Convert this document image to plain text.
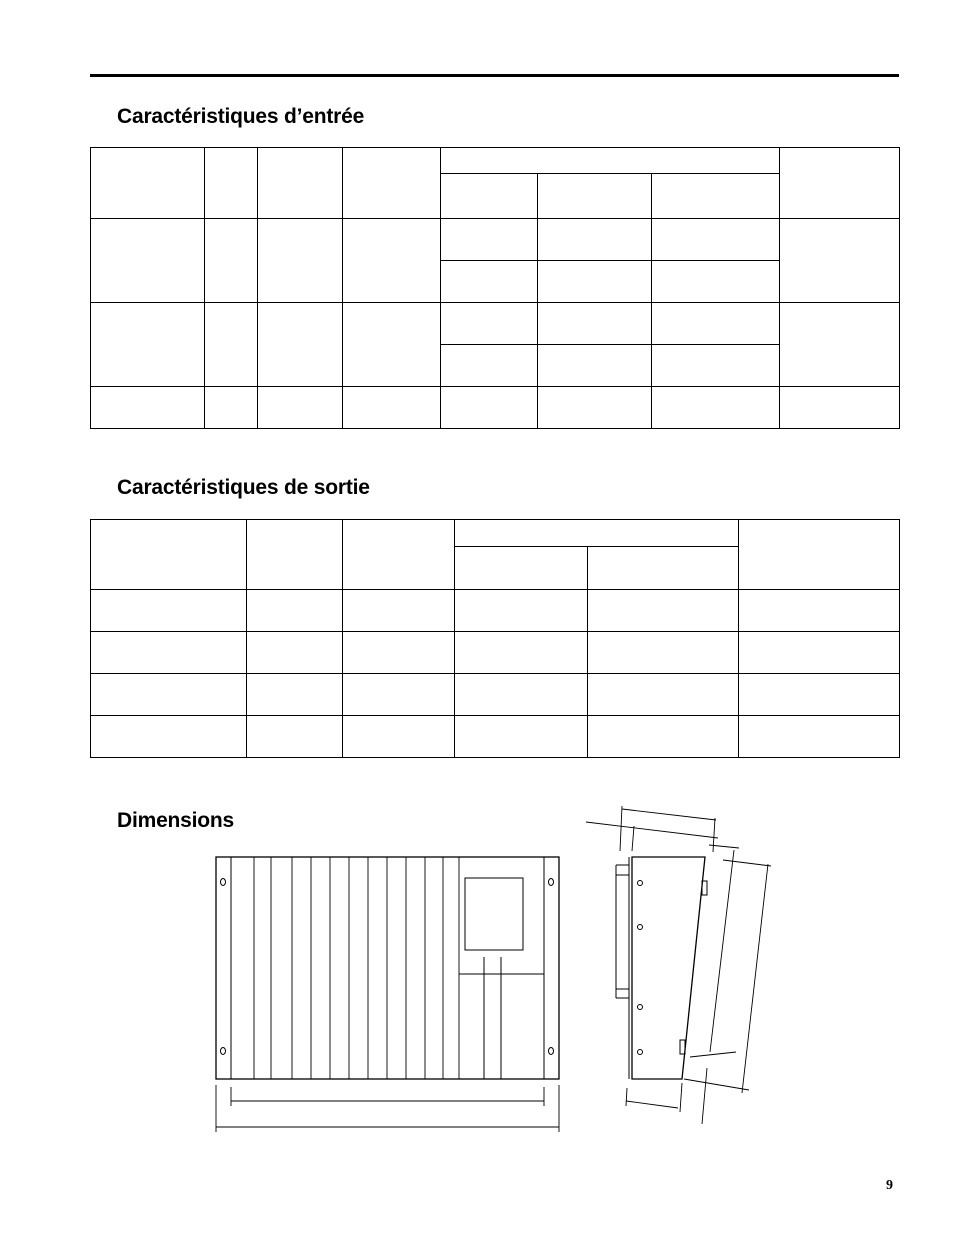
Caractéristiques d’entrée

Caractéristiques de sortie

Dimensions
9
